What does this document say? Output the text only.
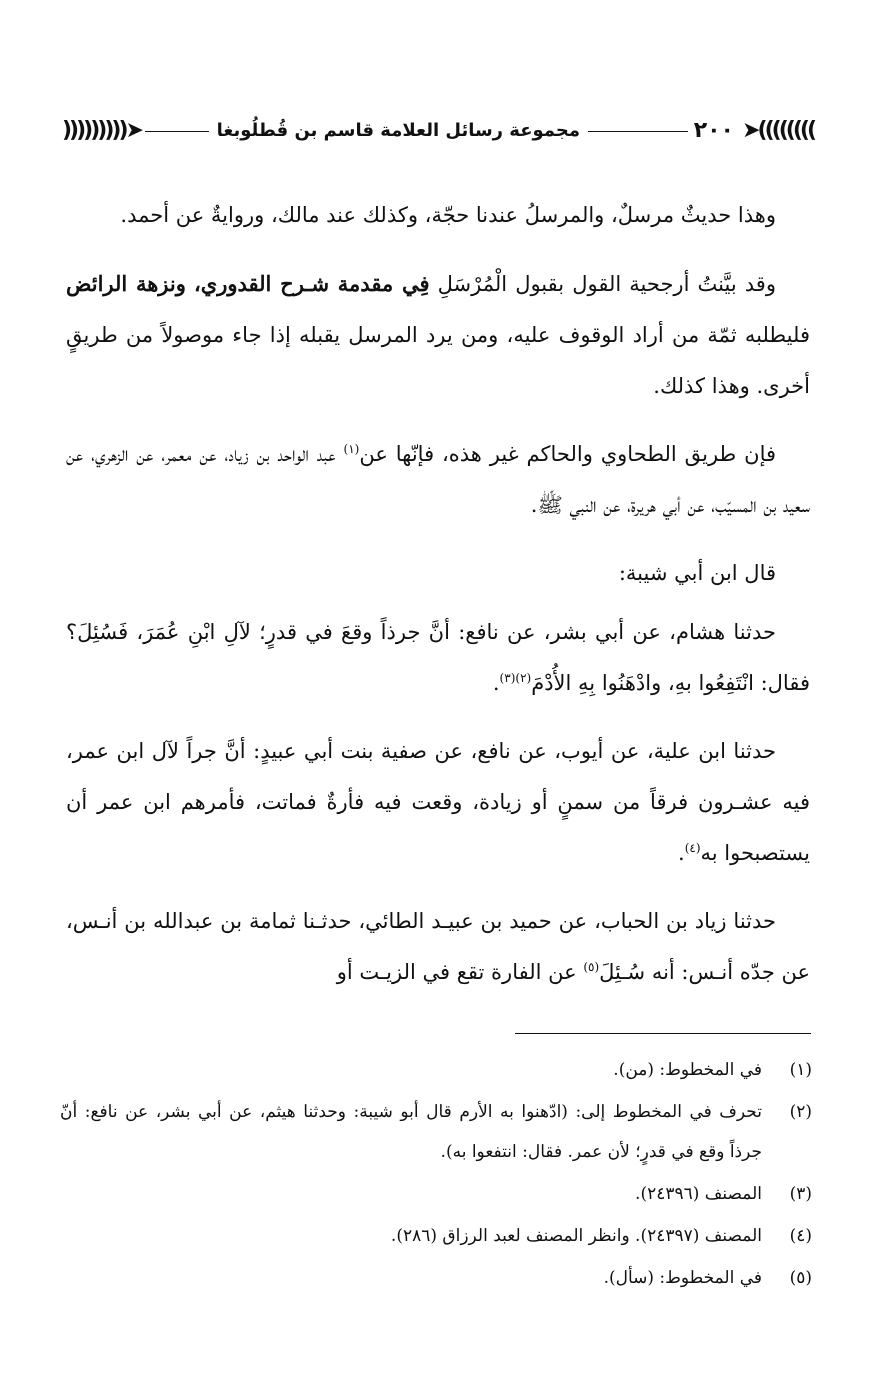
))))))))➤
٢٠٠
مجموعة رسائل العلامة قاسم بن قُطلُوبغا
➤(((((((((

وهذا حديثٌ مرسلٌ، والمرسلُ عندنا حجّة، وكذلك عند مالك، وروايةٌ عن أحمد.

وقد بيَّنتُ أرجحية القول بقبول الْمُرْسَلِ فِي مقدمة شـرح القدوري، ونزهة الرائض فليطلبه ثمّة من أراد الوقوف عليه، ومن يرد المرسل يقبله إذا جاء موصولاً من طريقٍ أخرى. وهذا كذلك.

فإن طريق الطحاوي والحاكم غير هذه، فإنّها عن$^{(١)}$ عبد الواحد بن زياد، عن معمر، عن الزهري، عن سعيد بن المسيّب، عن أبي هريرة، عن النبي ﷺ.

قال ابن أبي شيبة:

حدثنا هشام، عن أبي بشر، عن نافع: أنَّ جرذاً وقعَ في قدرٍ؛ لآلِ ابْنِ عُمَرَ، فَسُئِلَ؟ فقال: انْتَفِعُوا بهِ، وادْهَنُوا بِهِ الأُدْمَ$^{(٢)(٣)}$.

حدثنا ابن علية، عن أيوب، عن نافع، عن صفية بنت أبي عبيدٍ: أنَّ جراً لآل ابن عمر، فيه عشـرون فرقاً من سمنٍ أو زيادة، وقعت فيه فأرةٌ فماتت، فأمرهم ابن عمر أن يستصبحوا به$^{(٤)}$.

حدثنا زياد بن الحباب، عن حميد بن عبيـد الطائي، حدثـنا ثمامة بن عبدالله بن أنـس، عن جدّه أنـس: أنه سُـئِلَ$^{(٥)}$ عن الفارة تقع في الزيـت أو

(١)
في المخطوط: (من).
(٢)
تحرف في المخطوط إلى: (ادّهنوا به الأرم قال أبو شيبة: وحدثنا هيثم، عن أبي بشر، عن نافع: أنّ جرذاً وقع في قدرٍ؛ لأن عمر. فقال: انتفعوا به).
(٣)
المصنف (٢٤٣٩٦).
(٤)
المصنف (٢٤٣٩٧). وانظر المصنف لعبد الرزاق (٢٨٦).
(٥)
في المخطوط: (سأل).
